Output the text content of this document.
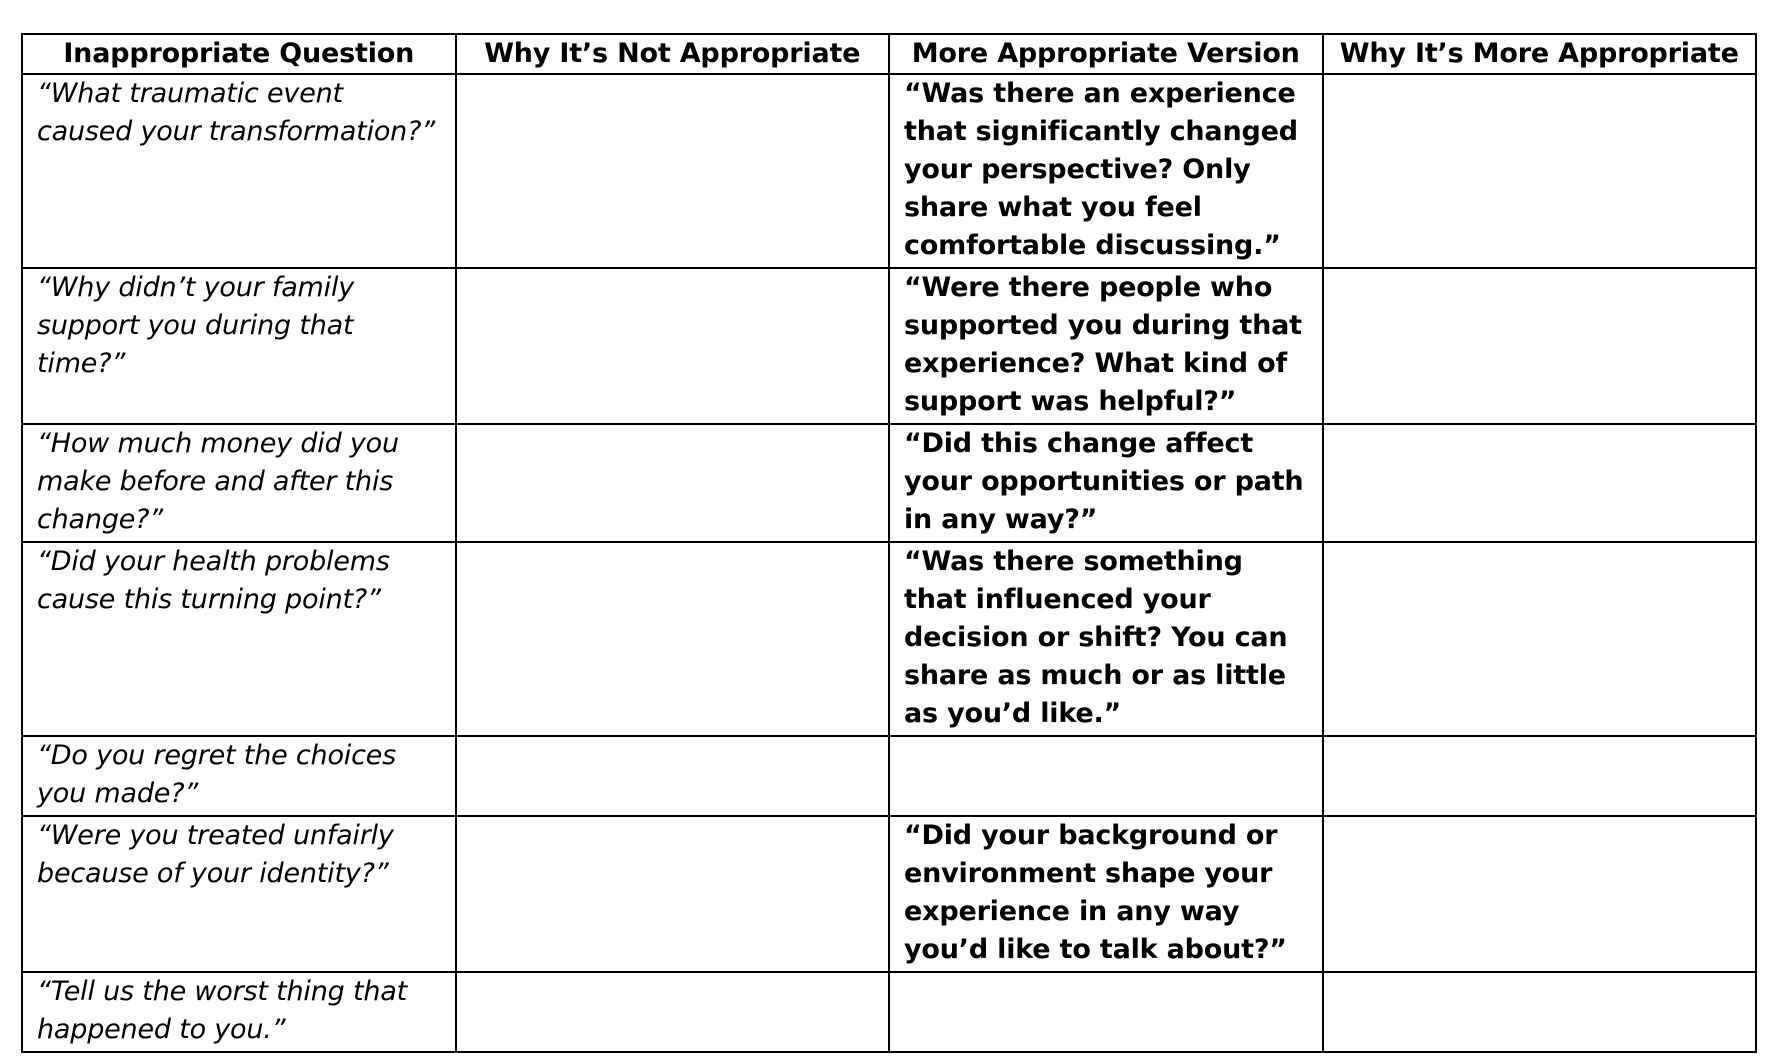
Inappropriate Question	Why It’s Not Appropriate	More Appropriate Version	Why It’s More Appropriate
“What traumatic event caused your transformation?”		“Was there an experience that significantly changed your perspective? Only share what you feel comfortable discussing.”	
“Why didn’t your family support you during that time?”		“Were there people who supported you during that experience? What kind of support was helpful?”	
“How much money did you make before and after this change?”		“Did this change affect your opportunities or path in any way?”	
“Did your health problems cause this turning point?”		“Was there something that influenced your decision or shift? You can share as much or as little as you’d like.”	
“Do you regret the choices you made?”			
“Were you treated unfairly because of your identity?”		“Did your background or environment shape your experience in any way you’d like to talk about?”	
“Tell us the worst thing that happened to you.”			
